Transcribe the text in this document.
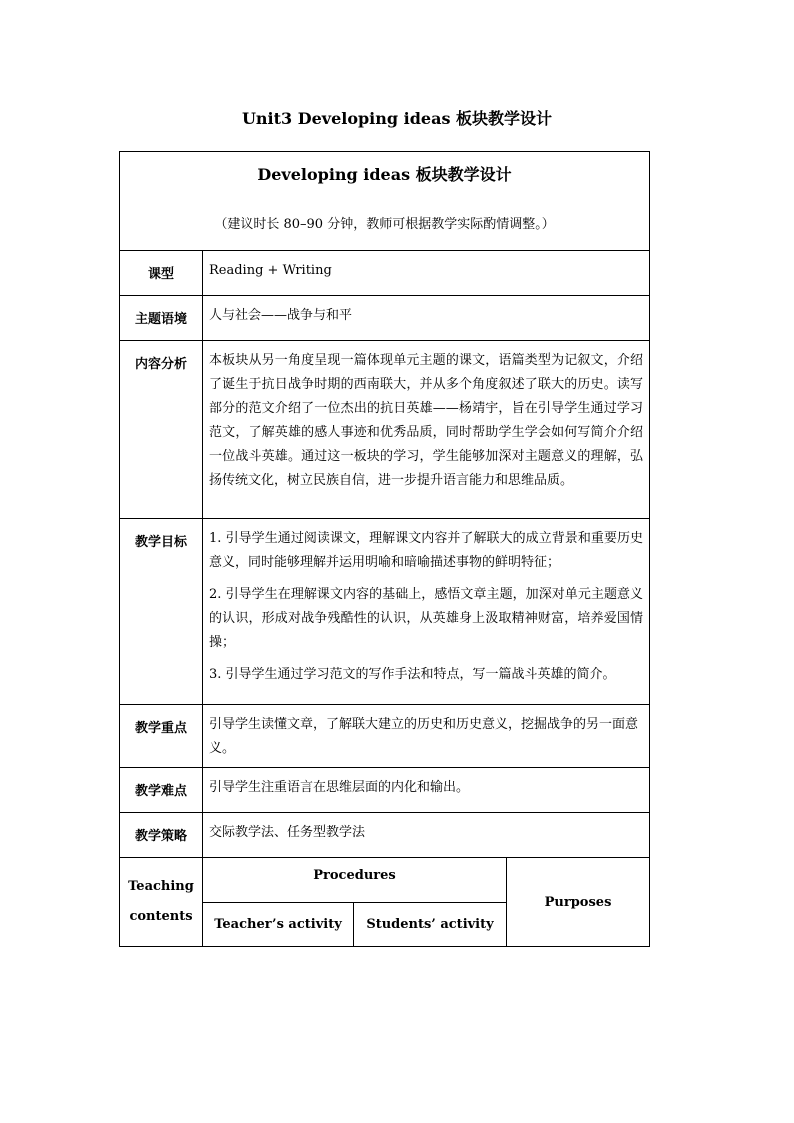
Unit3 Developing ideas 板块教学设计
Developing ideas 板块教学设计
（建议时长 80–90 分钟，教师可根据教学实际酌情调整。）			

课型	Reading + Writing		
主题语境	人与社会——战争与和平		
内容分析	本板块从另一角度呈现一篇体现单元主题的课文，语篇类型为记叙文，介绍了诞生于抗日战争时期的西南联大，并从多个角度叙述了联大的历史。读写部分的范文介绍了一位杰出的抗日英雄——杨靖宇，旨在引导学生通过学习范文，了解英雄的感人事迹和优秀品质，同时帮助学生学会如何写简介介绍一位战斗英雄。通过这一板块的学习，学生能够加深对主题意义的理解，弘扬传统文化，树立民族自信，进一步提升语言能力和思维品质。		
教学目标	1. 引导学生通过阅读课文，理解课文内容并了解联大的成立背景和重要历史意义，同时能够理解并运用明喻和暗喻描述事物的鲜明特征；

2. 引导学生在理解课文内容的基础上，感悟文章主题，加深对单元主题意义的认识，形成对战争残酷性的认识，从英雄身上汲取精神财富，培养爱国情操；

3. 引导学生通过学习范文的写作手法和特点，写一篇战斗英雄的简介。		

教学重点	引导学生读懂文章，了解联大建立的历史和历史意义，挖掘战争的另一面意义。		
教学难点	引导学生注重语言在思维层面的内化和输出。		
教学策略	交际教学法、任务型教学法		

Teaching
contents	Procedures		Purposes
	Teacher’s activity	Students’ activity	
